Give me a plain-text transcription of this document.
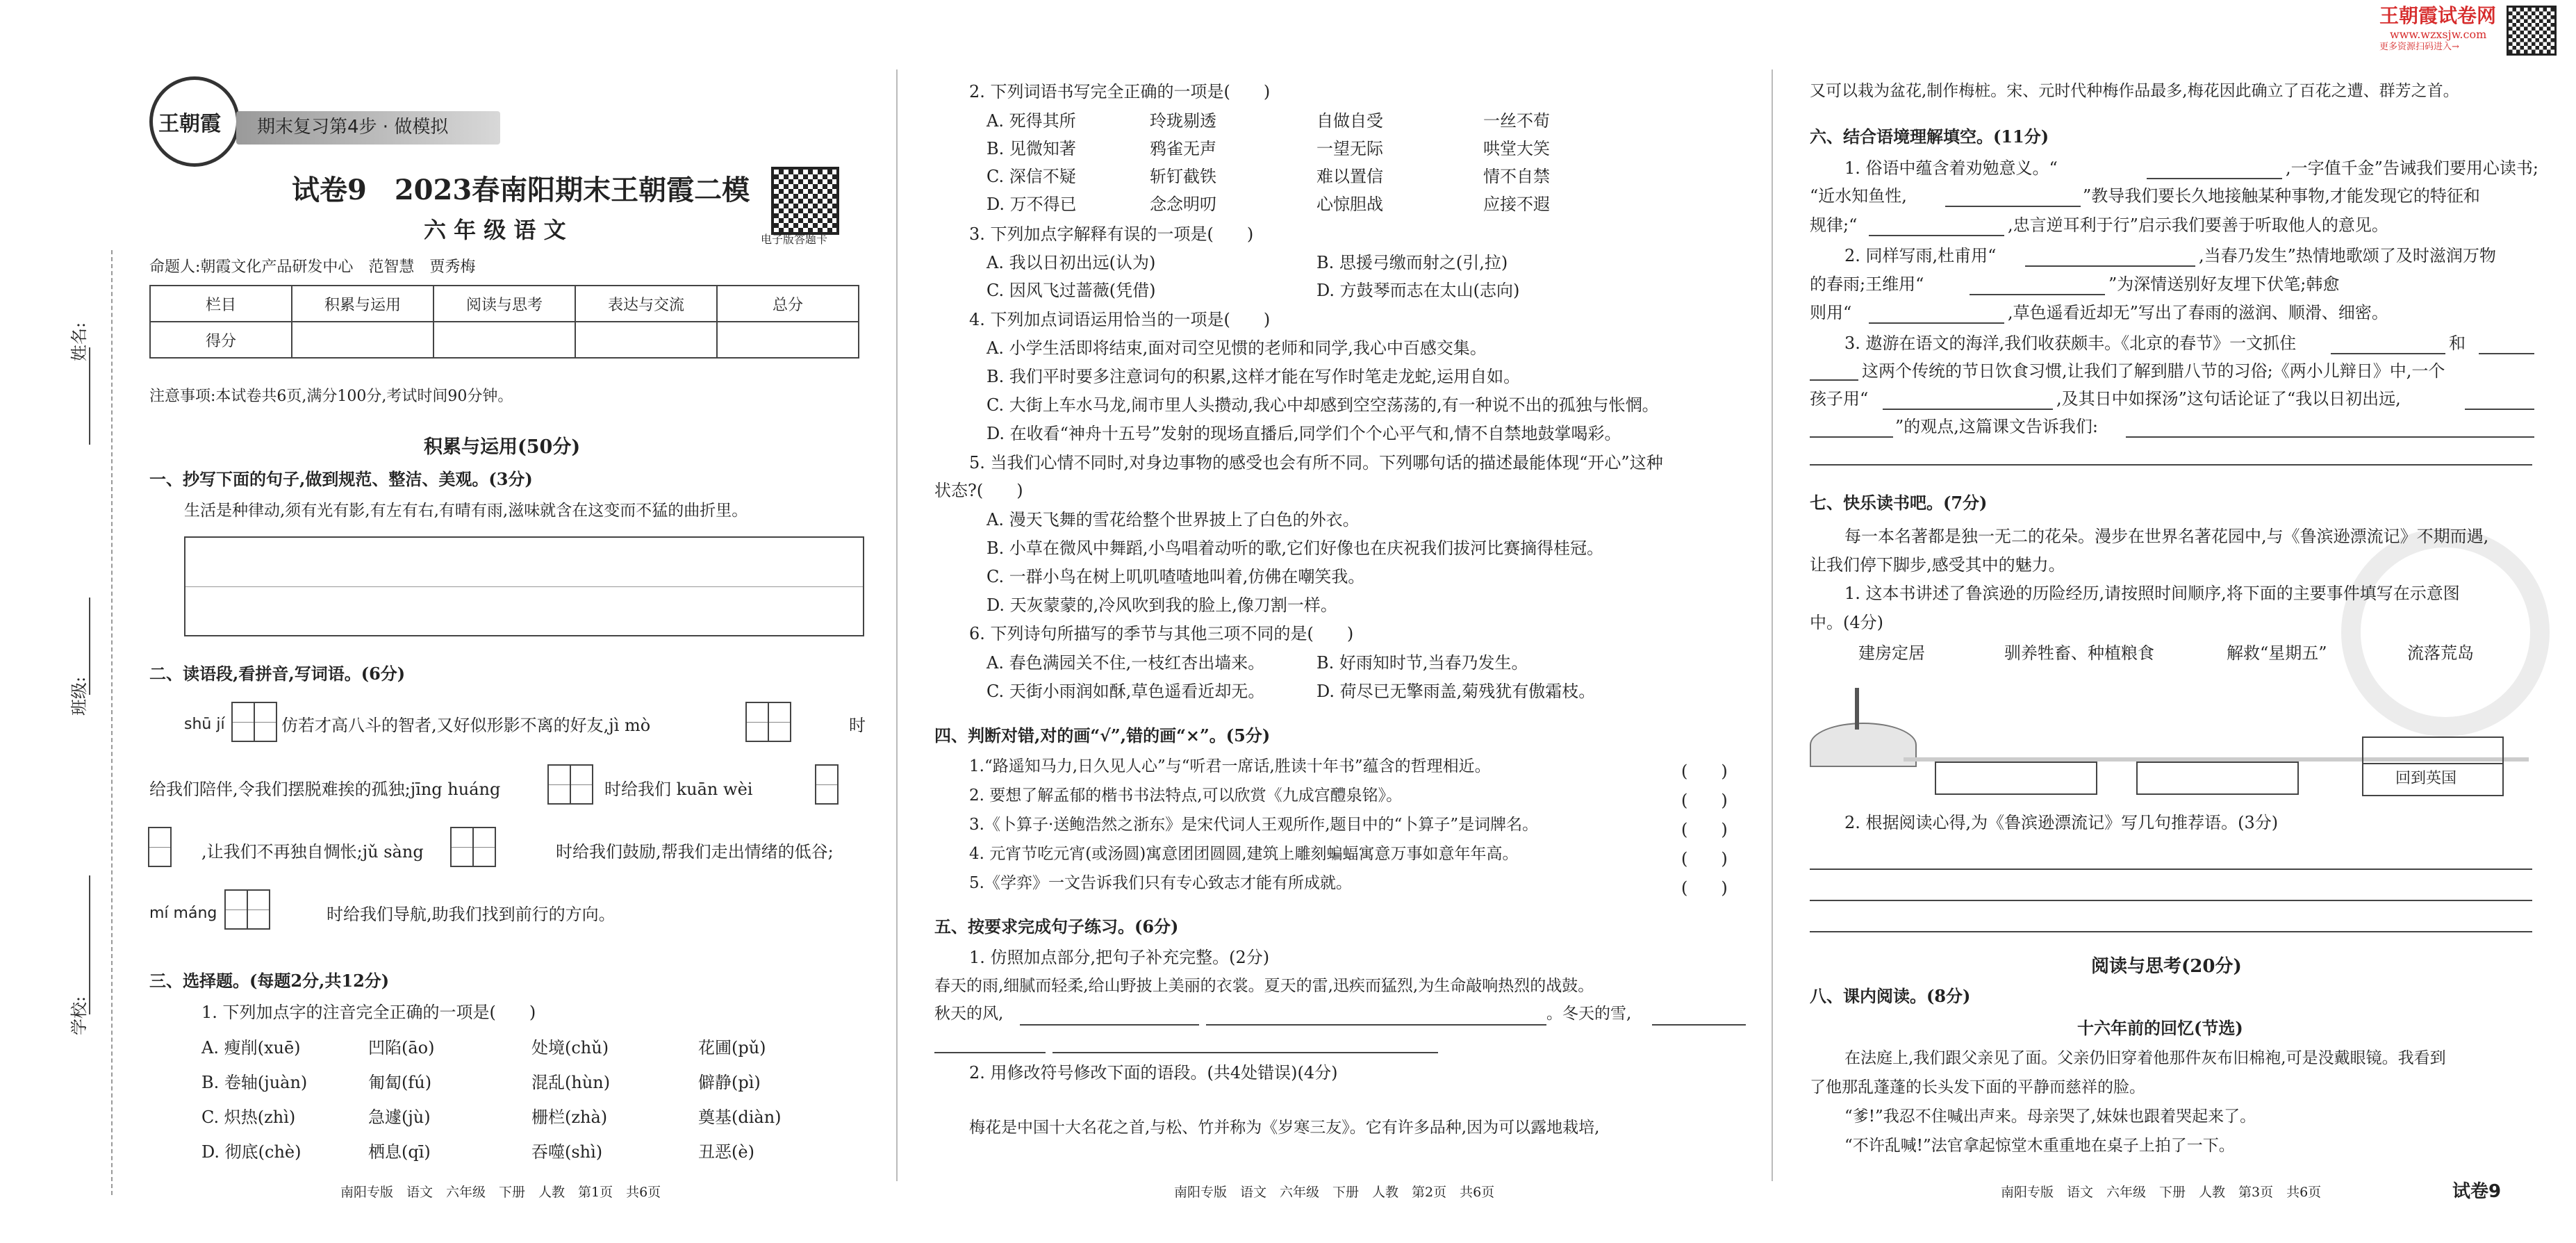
姓名:
班级:
学校:
王朝霞 期末复习第4步 · 做模拟
试卷9　2023春南阳期末王朝霞二模
六 年 级 语 文	电子版答题卡
命题人:朝霞文化产品研发中心　范智慧　贾秀梅
栏目	积累与运用	阅读与思考	表达与交流	总分
得分				
注意事项:本试卷共6页,满分100分,考试时间90分钟。
积累与运用(50分)
一、抄写下面的句子,做到规范、整洁、美观。(3分)
生活是种律动,须有光有影,有左有右,有晴有雨,滋味就含在这变而不猛的曲折里。
二、读语段,看拼音,写词语。(6分)
shū jí	仿若才高八斗的智者,又好似形影不离的好友,jì mò	时
给我们陪伴,令我们摆脱难挨的孤独;jīng huáng	时给我们 kuān wèi
,让我们不再独自惆怅;jǔ sàng	时给我们鼓励,帮我们走出情绪的低谷;
mí máng	时给我们导航,助我们找到前行的方向。
三、选择题。(每题2分,共12分)
1. 下列加点字的注音完全正确的一项是(　　)
A. 瘦削(xuē)	凹陷(āo)	处境(chǔ)	花圃(pǔ)
B. 卷轴(juàn)	匍匐(fú)	混乱(hùn)	僻静(pì)
C. 炽热(zhì)	急遽(jù)	栅栏(zhà)	奠基(diàn)
D. 彻底(chè)	栖息(qī)	吞噬(shì)	丑恶(è)
南阳专版　语文　六年级　下册　人教　第1页　共6页
2. 下列词语书写完全正确的一项是(　　)
A. 死得其所	玲珑剔透	自做自受	一丝不荀
B. 见微知著	鸦雀无声	一望无际	哄堂大笑
C. 深信不疑	斩钉截铁	难以置信	情不自禁
D. 万不得已	念念明叨	心惊胆战	应接不遐
3. 下列加点字解释有误的一项是(　　)
A. 我以日初出远(认为)	B. 思援弓缴而射之(引,拉)
C. 因风飞过蔷薇(凭借)	D. 方鼓琴而志在太山(志向)
4. 下列加点词语运用恰当的一项是(　　)
A. 小学生活即将结束,面对司空见惯的老师和同学,我心中百感交集。
B. 我们平时要多注意词句的积累,这样才能在写作时笔走龙蛇,运用自如。
C. 大街上车水马龙,闹市里人头攒动,我心中却感到空空荡荡的,有一种说不出的孤独与怅惘。
D. 在收看“神舟十五号”发射的现场直播后,同学们个个心平气和,情不自禁地鼓掌喝彩。
5. 当我们心情不同时,对身边事物的感受也会有所不同。下列哪句话的描述最能体现“开心”这种
状态?(　　)
A. 漫天飞舞的雪花给整个世界披上了白色的外衣。
B. 小草在微风中舞蹈,小鸟唱着动听的歌,它们好像也在庆祝我们拔河比赛摘得桂冠。
C. 一群小鸟在树上叽叽喳喳地叫着,仿佛在嘲笑我。
D. 天灰蒙蒙的,冷风吹到我的脸上,像刀割一样。
6. 下列诗句所描写的季节与其他三项不同的是(　　)
A. 春色满园关不住,一枝红杏出墙来。	B. 好雨知时节,当春乃发生。
C. 天街小雨润如酥,草色遥看近却无。	D. 荷尽已无擎雨盖,菊残犹有傲霜枝。
四、判断对错,对的画“√”,错的画“×”。(5分)
1.“路遥知马力,日久见人心”与“听君一席话,胜读十年书”蕴含的哲理相近。	(　　)
2. 要想了解孟郁的楷书书法特点,可以欣赏《九成宫醴泉铭》。	(　　)
3.《卜算子·送鲍浩然之浙东》是宋代词人王观所作,题目中的“卜算子”是词牌名。	(　　)
4. 元宵节吃元宵(或汤圆)寓意团团圆圆,建筑上雕刻蝙蝠寓意万事如意年年高。	(　　)
5.《学弈》一文告诉我们只有专心致志才能有所成就。	(　　)
五、按要求完成句子练习。(6分)
1. 仿照加点部分,把句子补充完整。(2分)
春天的雨,细腻而轻柔,给山野披上美丽的衣裳。夏天的雷,迅疾而猛烈,为生命敲响热烈的战鼓。
秋天的风,	。冬天的雪,
2. 用修改符号修改下面的语段。(共4处错误)(4分)
梅花是中国十大名花之首,与松、竹并称为《岁寒三友》。它有许多品种,因为可以露地栽培,
南阳专版　语文　六年级　下册　人教　第2页　共6页
王朝霞试卷网
www.wzxsjw.com
更多资源扫码进入→
又可以栽为盆花,制作梅桩。宋、元时代种梅作品最多,梅花因此确立了百花之遭、群芳之首。
六、结合语境理解填空。(11分)
1. 俗语中蕴含着劝勉意义。“	,一字值千金”告诫我们要用心读书;
“近水知鱼性,	”教导我们要长久地接触某种事物,才能发现它的特征和
规律;“	,忠言逆耳利于行”启示我们要善于听取他人的意见。
2. 同样写雨,杜甫用“	,当春乃发生”热情地歌颂了及时滋润万物
的春雨;王维用“	”为深情送别好友埋下伏笔;韩愈
则用“	,草色遥看近却无”写出了春雨的滋润、顺滑、细密。
3. 遨游在语文的海洋,我们收获颇丰。《北京的春节》一文抓住	和
这两个传统的节日饮食习惯,让我们了解到腊八节的习俗;《两小儿辩日》中,一个
孩子用“	,及其日中如探汤”这句话论证了“我以日初出远,
”的观点,这篇课文告诉我们:
七、快乐读书吧。(7分)
每一本名著都是独一无二的花朵。漫步在世界名著花园中,与《鲁滨逊漂流记》不期而遇,
让我们停下脚步,感受其中的魅力。
1. 这本书讲述了鲁滨逊的历险经历,请按照时间顺序,将下面的主要事件填写在示意图
中。(4分)
建房定居	驯养牲畜、种植粮食	解救“星期五”	流落荒岛
回到英国
2. 根据阅读心得,为《鲁滨逊漂流记》写几句推荐语。(3分)
阅读与思考(20分)
八、课内阅读。(8分)
十六年前的回忆(节选)
在法庭上,我们跟父亲见了面。父亲仍旧穿着他那件灰布旧棉袍,可是没戴眼镜。我看到
了他那乱蓬蓬的长头发下面的平静而慈祥的脸。
“爹!”我忍不住喊出声来。母亲哭了,妹妹也跟着哭起来了。
“不许乱喊!”法官拿起惊堂木重重地在桌子上拍了一下。
南阳专版　语文　六年级　下册　人教　第3页　共6页	试卷9
